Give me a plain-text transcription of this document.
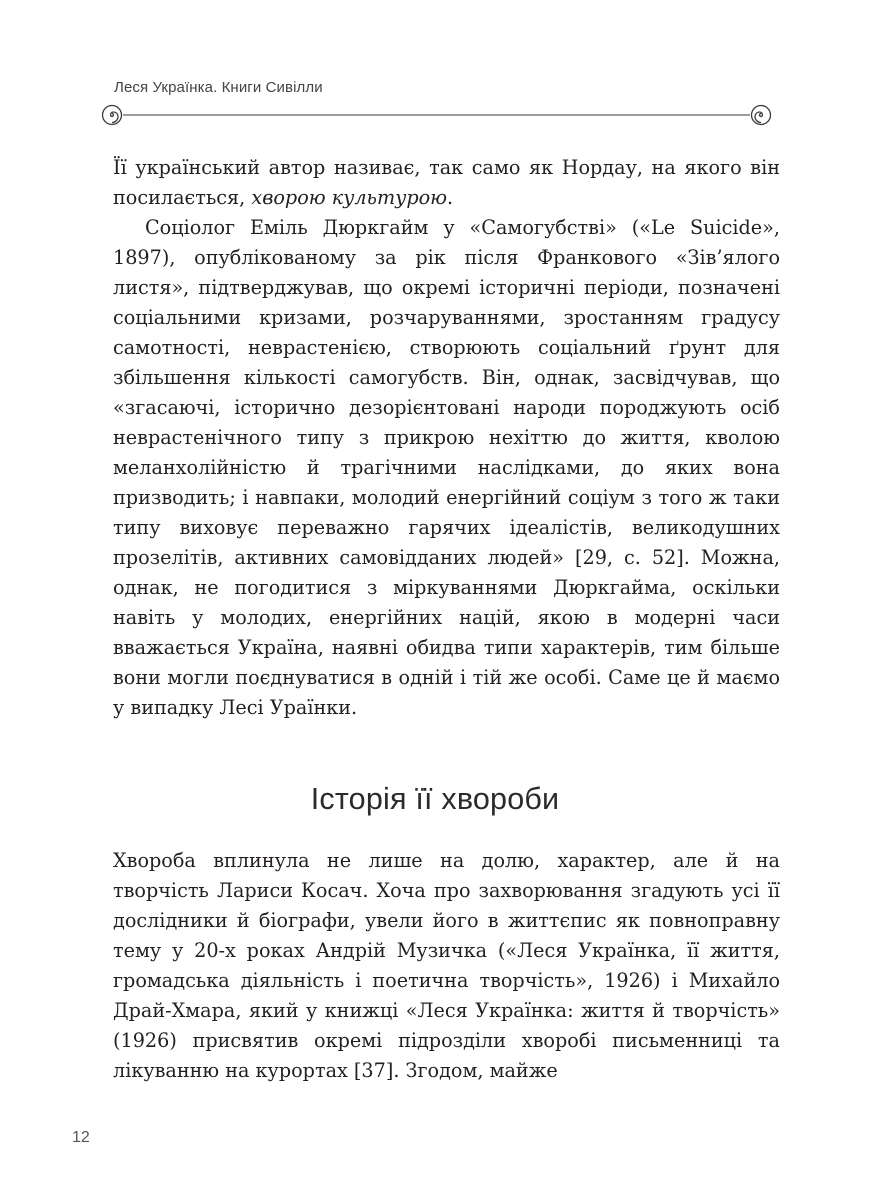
Леся Українка. Книги Сивілли

Її український автор називає, так само як Нордау, на якого він посилається, хворою культурою.

Соціолог Еміль Дюркгайм у «Самогубстві» («Le Suicide», 1897), опублікованому за рік після Франкового «Зів’ялого листя», підтверджував, що окремі історичні періоди, позначені соціальними кризами, розчаруваннями, зростанням градусу самотності, неврастенією, створюють соціальний ґрунт для збільшення кількості самогубств. Він, однак, засвідчував, що «згасаючі, історично дезорієнтовані народи породжують осіб неврастенічного типу з прикрою нехіттю до життя, кволою меланхолійністю й трагічними наслідками, до яких вона призводить; і навпаки, молодий енергійний соціум з того ж таки типу виховує переважно гарячих ідеалістів, великодушних прозелітів, активних самовідданих людей» [29, с. 52]. Можна, однак, не погодитися з міркуваннями Дюркгайма, оскільки навіть у молодих, енергійних націй, якою в модерні часи вважається Україна, наявні обидва типи характерів, тим більше вони могли поєднуватися в одній і тій же особі. Саме це й маємо у випадку Лесі Ураїнки.

Історія її хвороби

Хвороба вплинула не лише на долю, характер, але й на творчість Лариси Косач. Хоча про захворювання згадують усі її дослідники й біографи, увели його в життєпис як повноправну тему у 20-х роках Андрій Музичка («Леся Українка, її життя, громадська діяльність і поетична творчість», 1926) і Михайло Драй-Хмара, який у книжці «Леся Українка: життя й творчість» (1926) присвятив окремі підрозділи хворобі письменниці та лікуванню на курортах [37]. Згодом, майже

12
